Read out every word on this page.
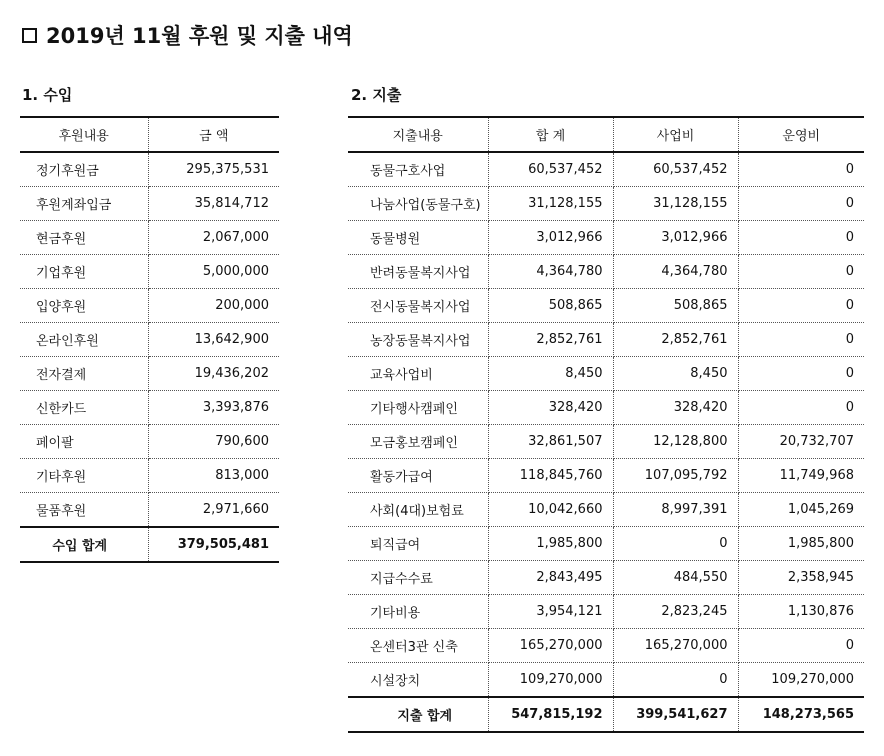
2019년 11월 후원 및 지출 내역
1. 수입	2. 지출
후원내용	금 액
정기후원금	295,375,531
후원계좌입금	35,814,712
현금후원	2,067,000
기업후원	5,000,000
입양후원	200,000
온라인후원	13,642,900
전자결제	19,436,202
신한카드	3,393,876
페이팔	790,600
기타후원	813,000
물품후원	2,971,660
수입 합계	379,505,481
지출내용	합 계	사업비	운영비
동물구호사업	60,537,452	60,537,452	0
나눔사업(동물구호)	31,128,155	31,128,155	0
동물병원	3,012,966	3,012,966	0
반려동물복지사업	4,364,780	4,364,780	0
전시동물복지사업	508,865	508,865	0
농장동물복지사업	2,852,761	2,852,761	0
교육사업비	8,450	8,450	0
기타행사캠페인	328,420	328,420	0
모금홍보캠페인	32,861,507	12,128,800	20,732,707
활동가급여	118,845,760	107,095,792	11,749,968
사회(4대)보험료	10,042,660	8,997,391	1,045,269
퇴직급여	1,985,800	0	1,985,800
지급수수료	2,843,495	484,550	2,358,945
기타비용	3,954,121	2,823,245	1,130,876
온센터3관 신축	165,270,000	165,270,000	0
시설장치	109,270,000	0	109,270,000
지출 합계	547,815,192	399,541,627	148,273,565
